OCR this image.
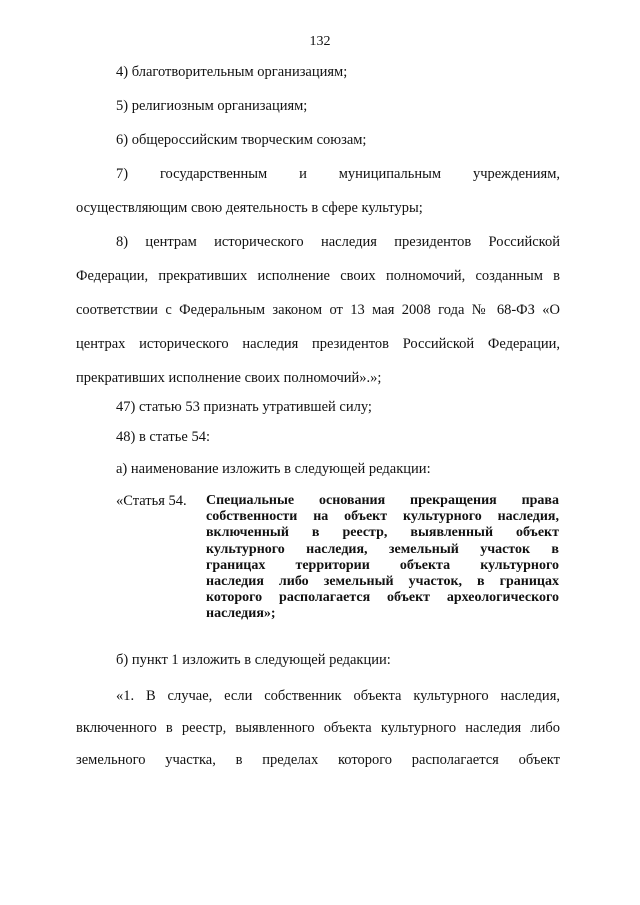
132
4) благотворительным организациям;
5) религиозным организациям;
6) общероссийским творческим союзам;
7) государственным и муниципальным учреждениям,
осуществляющим свою деятельность в сфере культуры;
8) центрам исторического наследия президентов Российской
Федерации, прекративших исполнение своих полномочий, созданным в
соответствии с Федеральным законом от 13 мая 2008 года № 68-ФЗ «О
центрах исторического наследия президентов Российской Федерации,
прекративших исполнение своих полномочий».»;
47) статью 53 признать утратившей силу;
48) в статье 54:
а) наименование изложить в следующей редакции:
«Статья 54. Специальные основания прекращения права
собственности на объект культурного наследия,
включенный в реестр, выявленный объект
культурного наследия, земельный участок в
границах территории объекта культурного
наследия либо земельный участок, в границах
которого располагается объект археологического
наследия»;
б) пункт 1 изложить в следующей редакции:
«1. В случае, если собственник объекта культурного наследия,
включенного в реестр, выявленного объекта культурного наследия либо
земельного участка, в пределах которого располагается объект
